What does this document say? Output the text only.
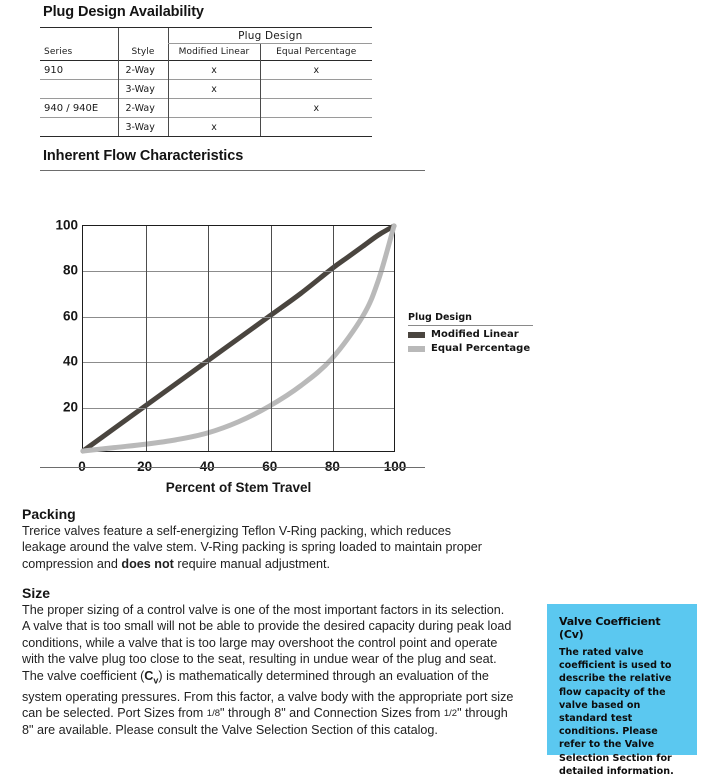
Plug Design Availability
		Plug Design	
Series	Style	Modified Linear	Equal Percentage
910	2-Way	x	x
	3-Way	x	
940 / 940E	2-Way		x
	3-Way	x	
Inherent Flow Characteristics
20
40
60
80
100
0	20	40	60	80	100
Percent of Stem Travel
Plug Design
Modified Linear
Equal Percentage
Packing

Trerice valves feature a self-energizing Teflon V-Ring packing, which reduces leakage around the valve stem. V-Ring packing is spring loaded to maintain proper compression and does not require manual adjustment.

Size

The proper sizing of a control valve is one of the most important factors in its selection. A valve that is too small will not be able to provide the desired capacity during peak load conditions, while a valve that is too large may overshoot the control point and operate with the valve plug too close to the seat, resulting in undue wear of the plug and seat. The valve coefficient $(C_v)$ is mathematically determined through an evaluation of the system operating pressures. From this factor, a valve body with the appropriate port size can be selected. Port Sizes from 1/8" through 8" and Connection Sizes from 1/2" through 8" are available. Please consult the Valve Selection Section of this catalog.

Valve Coefficient (Cv)
The rated valve coefficient is used to describe the relative flow capacity of the valve based on standard test conditions. Please refer to the Valve Selection Section for detailed information.
